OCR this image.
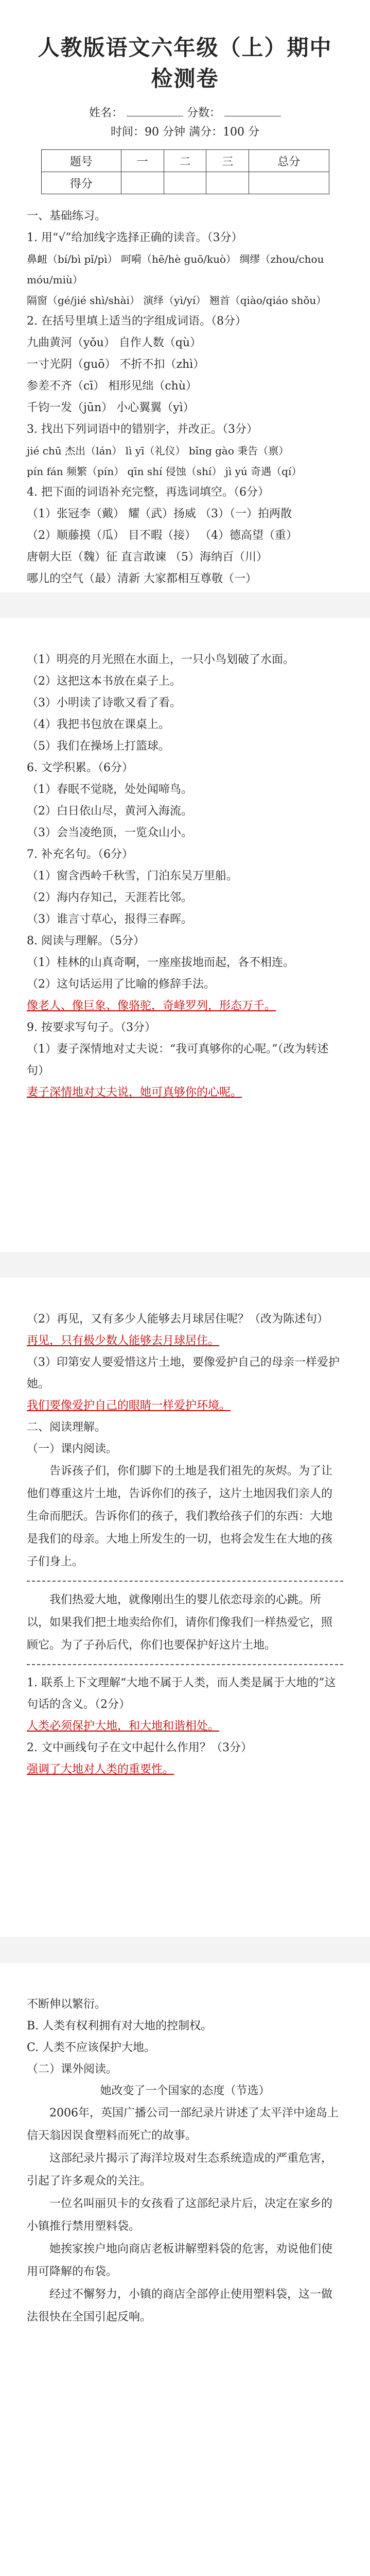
人教版语文六年级（上）期中检测卷
姓名：	分数：
时间：90 分钟 满分：100 分
题号	一	二	三	总分
得分				

一、基础练习。

1. 用“√”给加线字选择正确的读音。（3分）

鼻衄（bí/bì pǐ/pì） 呵嗬（hē/hè guō/kuò） 绸缪（zhou/chou móu/miù）

隔窗（gé/jié shì/shài） 演绎（yì/yí） 翘首（qiào/qiáo shǒu）

2. 在括号里填上适当的字组成词语。（8分）

九曲黄河（yǒu） 自作人数（qù）

一寸光阴（guō） 不折不扣（zhì）

参差不齐（cī） 相形见绌（chù）

千钧一发（jūn） 小心翼翼（yì）

3. 找出下列词语中的错别字，并改正。（3分）

jié chū 杰出（lán） lì yī（礼仪） bǐng gào 秉告（禀）

pín fán 频繁（pín） qīn shí 侵蚀（shí） jì yú 奇遇（qí）

4. 把下面的词语补充完整，再选词填空。（6分）

（1）张冠李（戴） 耀（武）扬威 （3）（一）拍两散

（2）顺藤摸（瓜） 目不暇（接） （4）德高望（重）

唐朝大臣（魏）征 直言敢谏 （5）海纳百（川）

哪儿的空气（最）清新 大家都相互尊敬（一）

（1）明亮的月光照在水面上，一只小鸟划破了水面。

（2）这把这本书放在桌子上。

（3）小明读了诗歌又看了看。

（4）我把书包放在课桌上。

（5）我们在操场上打篮球。

6. 文学积累。（6分）

（1）春眠不觉晓，处处闻啼鸟。

（2）白日依山尽，黄河入海流。

（3）会当凌绝顶，一览众山小。

7. 补充名句。（6分）

（1）窗含西岭千秋雪，门泊东吴万里船。

（2）海内存知己，天涯若比邻。

（3）谁言寸草心，报得三春晖。

8. 阅读与理解。（5分）

（1）桂林的山真奇啊，一座座拔地而起，各不相连。

（2）这句话运用了比喻的修辞手法。

像老人、像巨象、像骆驼，奇峰罗列，形态万千。

9. 按要求写句子。（3分）

（1）妻子深情地对丈夫说：“我可真够你的心呢。”（改为转述句）

妻子深情地对丈夫说，她可真够你的心呢。

（2）再见，又有多少人能够去月球居住呢？（改为陈述句）

再见，只有极少数人能够去月球居住。

（3）印第安人要爱惜这片土地，要像爱护自己的母亲一样爱护她。

我们要像爱护自己的眼睛一样爱护环境。

二、阅读理解。

（一）课内阅读。

告诉孩子们，你们脚下的土地是我们祖先的灰烬。为了让他们尊重这片土地，告诉你们的孩子，这片土地因我们亲人的生命而肥沃。告诉你们的孩子，我们教给孩子们的东西：大地是我们的母亲。大地上所发生的一切，也将会发生在大地的孩子们身上。

我们热爱大地，就像刚出生的婴儿依恋母亲的心跳。所以，如果我们把土地卖给你们，请你们像我们一样热爱它，照顾它。为了子孙后代，你们也要保护好这片土地。

1. 联系上下文理解“大地不属于人类，而人类是属于大地的”这句话的含义。（2分）

人类必须保护大地，和大地和谐相处。

2. 文中画线句子在文中起什么作用？（3分）

强调了大地对人类的重要性。

不断伸以繁衍。

B. 人类有权利拥有对大地的控制权。

C. 人类不应该保护大地。

（二）课外阅读。

她改变了一个国家的态度（节选）

2006年，英国广播公司一部纪录片讲述了太平洋中途岛上信天翁因误食塑料而死亡的故事。

这部纪录片揭示了海洋垃圾对生态系统造成的严重危害，引起了许多观众的关注。

一位名叫丽贝卡的女孩看了这部纪录片后，决定在家乡的小镇推行禁用塑料袋。

她挨家挨户地向商店老板讲解塑料袋的危害，劝说他们使用可降解的布袋。

经过不懈努力，小镇的商店全部停止使用塑料袋，这一做法很快在全国引起反响。
